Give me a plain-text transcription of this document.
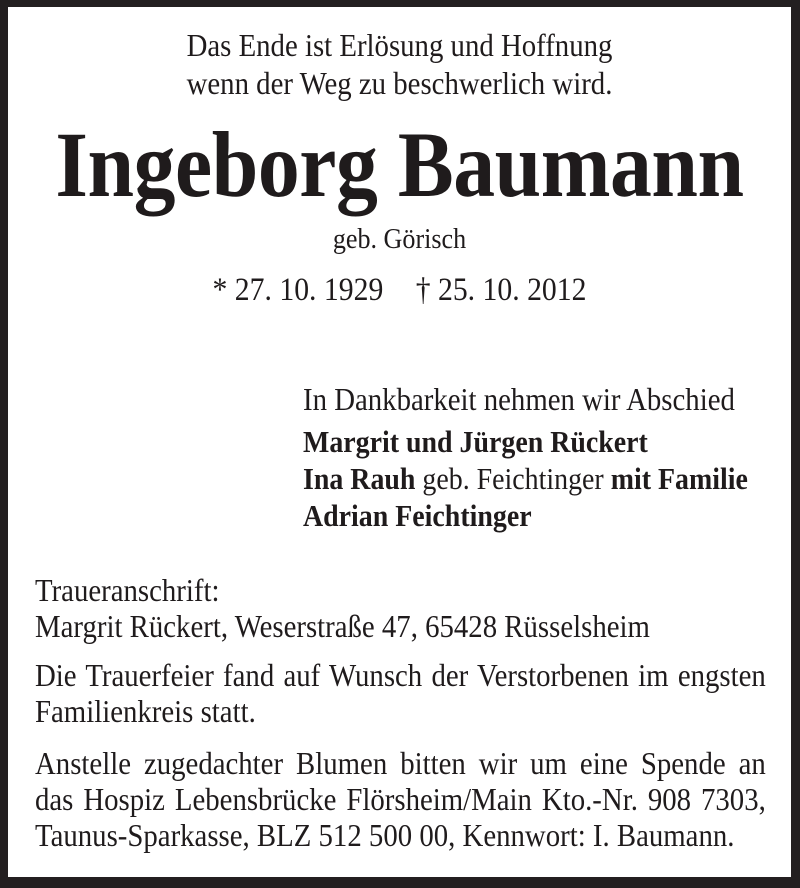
Das Ende ist Erlösung und Hoffnung
wenn der Weg zu beschwerlich wird.
Ingeborg Baumann
geb. Görisch
* 27. 10. 1929 † 25. 10. 2012
In Dankbarkeit nehmen wir Abschied
Margrit und Jürgen Rückert
Ina Rauh geb. Feichtinger mit Familie
Adrian Feichtinger
Traueranschrift:
Margrit Rückert, Weserstraße 47, 65428 Rüsselsheim
Die Trauerfeier fand auf Wunsch der Verstorbenen im engsten
Familienkreis statt.
Anstelle zugedachter Blumen bitten wir um eine Spende an
das Hospiz Lebensbrücke Flörsheim/Main Kto.-Nr. 908 7303,
Taunus-Sparkasse, BLZ 512 500 00, Kennwort: I. Baumann.
